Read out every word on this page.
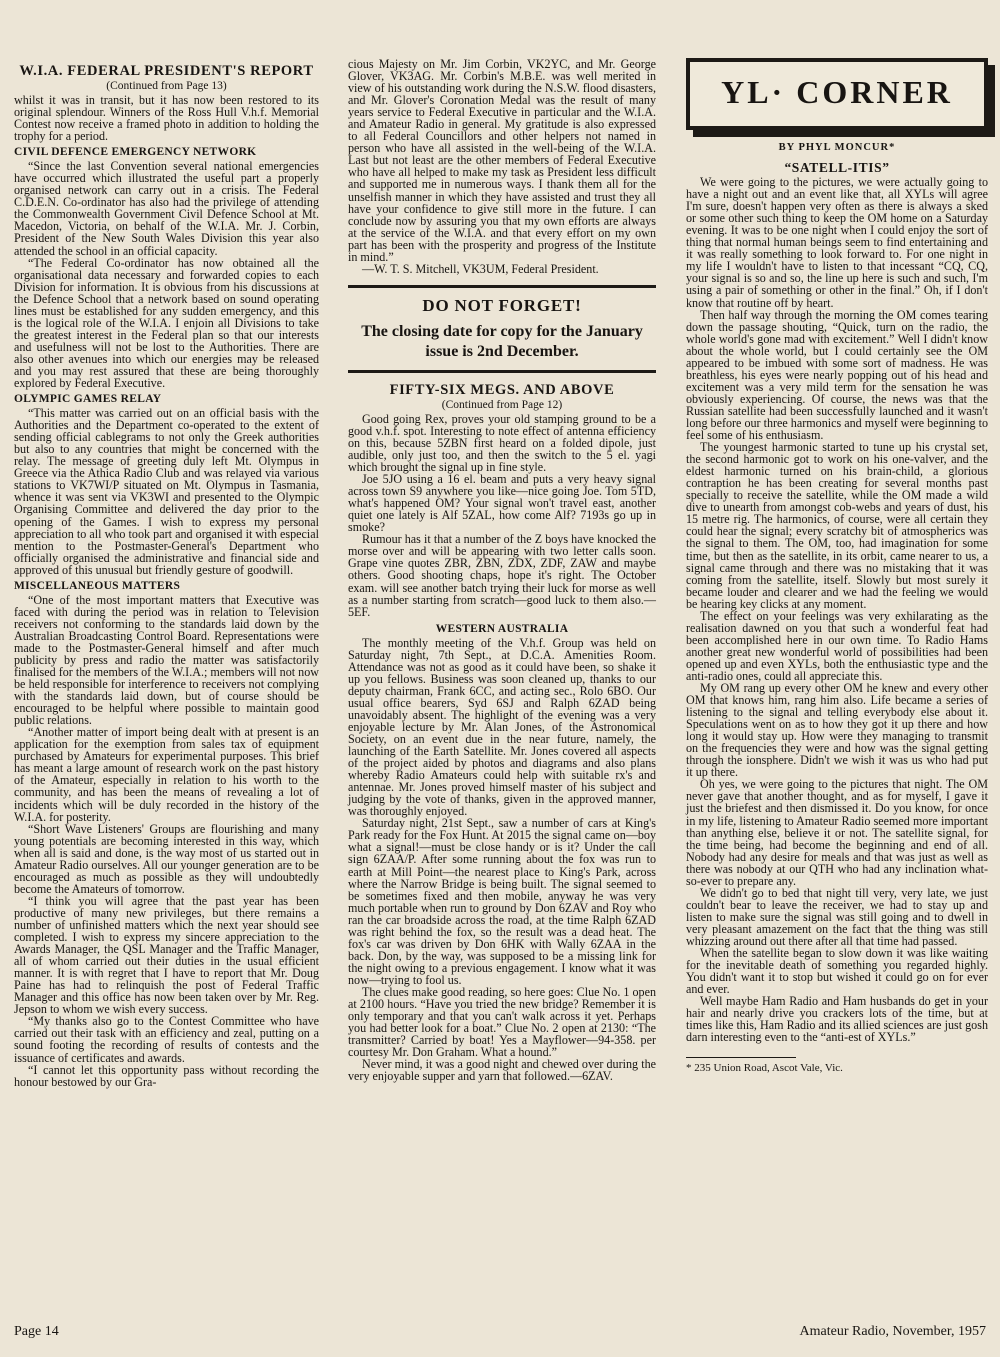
W.I.A. FEDERAL PRESIDENT'S REPORT
(Continued from Page 13)

whilst it was in transit, but it has now been restored to its original splendour. Winners of the Ross Hull V.h.f. Memorial Contest now receive a framed photo in addition to holding the trophy for a period.

CIVIL DEFENCE EMERGENCY NETWORK

“Since the last Convention several national emergencies have occurred which illustrated the useful part a properly organised network can carry out in a crisis. The Federal C.D.E.N. Co-ordinator has also had the privilege of attending the Commonwealth Government Civil Defence School at Mt. Macedon, Victoria, on behalf of the W.I.A. Mr. J. Corbin, President of the New South Wales Division this year also attended the school in an official capacity.

“The Federal Co-ordinator has now obtained all the organisational data necessary and forwarded copies to each Division for information. It is obvious from his discussions at the Defence School that a network based on sound operating lines must be established for any sudden emergency, and this is the logical role of the W.I.A. I enjoin all Divisions to take the greatest interest in the Federal plan so that our interests and usefulness will not be lost to the Authorities. There are also other avenues into which our energies may be released and you may rest assured that these are being thoroughly explored by Federal Executive.

OLYMPIC GAMES RELAY

“This matter was carried out on an official basis with the Authorities and the Department co-operated to the extent of sending official cablegrams to not only the Greek authorities but also to any countries that might be concerned with the relay. The message of greeting duly left Mt. Olympus in Greece via the Athica Radio Club and was relayed via various stations to VK7WI/P situated on Mt. Olympus in Tasmania, whence it was sent via VK3WI and presented to the Olympic Organising Committee and delivered the day prior to the opening of the Games. I wish to express my personal appreciation to all who took part and organised it with especial mention to the Postmaster-General's Department who officially organised the administrative and financial side and approved of this unusual but friendly gesture of goodwill.

MISCELLANEOUS MATTERS

“One of the most important matters that Executive was faced with during the period was in relation to Television receivers not conforming to the standards laid down by the Australian Broadcasting Control Board. Representations were made to the Postmaster-General himself and after much publicity by press and radio the matter was satisfactorily finalised for the members of the W.I.A.; members will not now be held responsible for interference to receivers not complying with the standards laid down, but of course should be encouraged to be helpful where possible to maintain good public relations.

“Another matter of import being dealt with at present is an application for the exemption from sales tax of equipment purchased by Amateurs for experimental purposes. This brief has meant a large amount of research work on the past history of the Amateur, especially in relation to his worth to the community, and has been the means of revealing a lot of incidents which will be duly recorded in the history of the W.I.A. for posterity.

“Short Wave Listeners' Groups are flourishing and many young potentials are becoming interested in this way, which when all is said and done, is the way most of us started out in Amateur Radio ourselves. All our younger generation are to be encouraged as much as possible as they will undoubtedly become the Amateurs of tomorrow.

“I think you will agree that the past year has been productive of many new privileges, but there remains a number of unfinished matters which the next year should see completed. I wish to express my sincere appreciation to the Awards Manager, the QSL Manager and the Traffic Manager, all of whom carried out their duties in the usual efficient manner. It is with regret that I have to report that Mr. Doug Paine has had to relinquish the post of Federal Traffic Manager and this office has now been taken over by Mr. Reg. Jepson to whom we wish every success.

“My thanks also go to the Contest Committee who have carried out their task with an efficiency and zeal, putting on a sound footing the recording of results of contests and the issuance of certificates and awards.

“I cannot let this opportunity pass without recording the honour bestowed by our Gra-

cious Majesty on Mr. Jim Corbin, VK2YC, and Mr. George Glover, VK3AG. Mr. Corbin's M.B.E. was well merited in view of his outstanding work during the N.S.W. flood disasters, and Mr. Glover's Coronation Medal was the result of many years service to Federal Executive in particular and the W.I.A. and Amateur Radio in general. My gratitude is also expressed to all Federal Councillors and other helpers not named in person who have all assisted in the well-being of the W.I.A. Last but not least are the other members of Federal Executive who have all helped to make my task as President less difficult and supported me in numerous ways. I thank them all for the unselfish manner in which they have assisted and trust they all have your confidence to give still more in the future. I can conclude now by assuring you that my own efforts are always at the service of the W.I.A. and that every effort on my own part has been with the prosperity and progress of the Institute in mind.”

—W. T. S. Mitchell, VK3UM, Federal President.

DO NOT FORGET!
The closing date for copy for the January issue is 2nd December.
FIFTY-SIX MEGS. AND ABOVE
(Continued from Page 12)

Good going Rex, proves your old stamping ground to be a good v.h.f. spot. Interesting to note effect of antenna efficiency on this, because 5ZBN first heard on a folded dipole, just audible, only just too, and then the switch to the 5 el. yagi which brought the signal up in fine style.

Joe 5JO using a 16 el. beam and puts a very heavy signal across town S9 anywhere you like—nice going Joe. Tom 5TD, what's happened OM? Your signal won't travel east, another quiet one lately is Alf 5ZAL, how come Alf? 7193s go up in smoke?

Rumour has it that a number of the Z boys have knocked the morse over and will be appearing with two letter calls soon. Grape vine quotes ZBR, ZBN, ZDX, ZDF, ZAW and maybe others. Good shooting chaps, hope it's right. The October exam. will see another batch trying their luck for morse as well as a number starting from scratch—good luck to them also.—5EF.

WESTERN AUSTRALIA

The monthly meeting of the V.h.f. Group was held on Saturday night, 7th Sept., at D.C.A. Amenities Room. Attendance was not as good as it could have been, so shake it up you fellows. Business was soon cleaned up, thanks to our deputy chairman, Frank 6CC, and acting sec., Rolo 6BO. Our usual office bearers, Syd 6SJ and Ralph 6ZAD being unavoidably absent. The highlight of the evening was a very enjoyable lecture by Mr. Alan Jones, of the Astronomical Society, on an event due in the near future, namely, the launching of the Earth Satellite. Mr. Jones covered all aspects of the project aided by photos and diagrams and also plans whereby Radio Amateurs could help with suitable rx's and antennae. Mr. Jones proved himself master of his subject and judging by the vote of thanks, given in the approved manner, was thoroughly enjoyed.

Saturday night, 21st Sept., saw a number of cars at King's Park ready for the Fox Hunt. At 2015 the signal came on—boy what a signal!—must be close handy or is it? Under the call sign 6ZAA/P. After some running about the fox was run to earth at Mill Point—the nearest place to King's Park, across where the Narrow Bridge is being built. The signal seemed to be sometimes fixed and then mobile, anyway he was very much portable when run to ground by Don 6ZAV and Roy who ran the car broadside across the road, at the time Ralph 6ZAD was right behind the fox, so the result was a dead heat. The fox's car was driven by Don 6HK with Wally 6ZAA in the back. Don, by the way, was supposed to be a missing link for the night owing to a previous engagement. I know what it was now—trying to fool us.

The clues make good reading, so here goes: Clue No. 1 open at 2100 hours. “Have you tried the new bridge? Remember it is only temporary and that you can't walk across it yet. Perhaps you had better look for a boat.” Clue No. 2 open at 2130: “The transmitter? Carried by boat! Yes a Mayflower—94-358. per courtesy Mr. Don Graham. What a hound.”

Never mind, it was a good night and chewed over during the very enjoyable supper and yarn that followed.—6ZAV.

YL· CORNER
BY PHYL MONCUR*
“SATELL-ITIS”

We were going to the pictures, we were actually going to have a night out and an event like that, all XYLs will agree I'm sure, doesn't happen very often as there is always a sked or some other such thing to keep the OM home on a Saturday evening. It was to be one night when I could enjoy the sort of thing that normal human beings seem to find entertaining and it was really something to look forward to. For one night in my life I wouldn't have to listen to that incessant “CQ, CQ, your signal is so and so, the line up here is such and such, I'm using a pair of something or other in the final.” Oh, if I don't know that routine off by heart.

Then half way through the morning the OM comes tearing down the passage shouting, “Quick, turn on the radio, the whole world's gone mad with excitement.” Well I didn't know about the whole world, but I could certainly see the OM appeared to be imbued with some sort of madness. He was breathless, his eyes were nearly popping out of his head and excitement was a very mild term for the sensation he was obviously experiencing. Of course, the news was that the Russian satellite had been successfully launched and it wasn't long before our three harmonics and myself were beginning to feel some of his enthusiasm.

The youngest harmonic started to tune up his crystal set, the second harmonic got to work on his one-valver, and the eldest harmonic turned on his brain-child, a glorious contraption he has been creating for several months past specially to receive the satellite, while the OM made a wild dive to unearth from amongst cob-webs and years of dust, his 15 metre rig. The harmonics, of course, were all certain they could hear the signal; every scratchy bit of atmospherics was the signal to them. The OM, too, had imagination for some time, but then as the satellite, in its orbit, came nearer to us, a signal came through and there was no mistaking that it was coming from the satellite, itself. Slowly but most surely it became louder and clearer and we had the feeling we would be hearing key clicks at any moment.

The effect on your feelings was very exhilarating as the realisation dawned on you that such a wonderful feat had been accomplished here in our own time. To Radio Hams another great new wonderful world of possibilities had been opened up and even XYLs, both the enthusiastic type and the anti-radio ones, could all appreciate this.

My OM rang up every other OM he knew and every other OM that knows him, rang him also. Life became a series of listening to the signal and telling everybody else about it. Speculations went on as to how they got it up there and how long it would stay up. How were they managing to transmit on the frequencies they were and how was the signal getting through the ionsphere. Didn't we wish it was us who had put it up there.

Oh yes, we were going to the pictures that night. The OM never gave that another thought, and as for myself, I gave it just the briefest and then dismissed it. Do you know, for once in my life, listening to Amateur Radio seemed more important than anything else, believe it or not. The satellite signal, for the time being, had become the beginning and end of all. Nobody had any desire for meals and that was just as well as there was nobody at our QTH who had any inclination what-so-ever to prepare any.

We didn't go to bed that night till very, very late, we just couldn't bear to leave the receiver, we had to stay up and listen to make sure the signal was still going and to dwell in very pleasant amazement on the fact that the thing was still whizzing around out there after all that time had passed.

When the satellite began to slow down it was like waiting for the inevitable death of something you regarded highly. You didn't want it to stop but wished it could go on for ever and ever.

Well maybe Ham Radio and Ham husbands do get in your hair and nearly drive you crackers lots of the time, but at times like this, Ham Radio and its allied sciences are just gosh darn interesting even to the “anti-est of XYLs.”

* 235 Union Road, Ascot Vale, Vic.
Page 14	Amateur Radio, November, 1957
